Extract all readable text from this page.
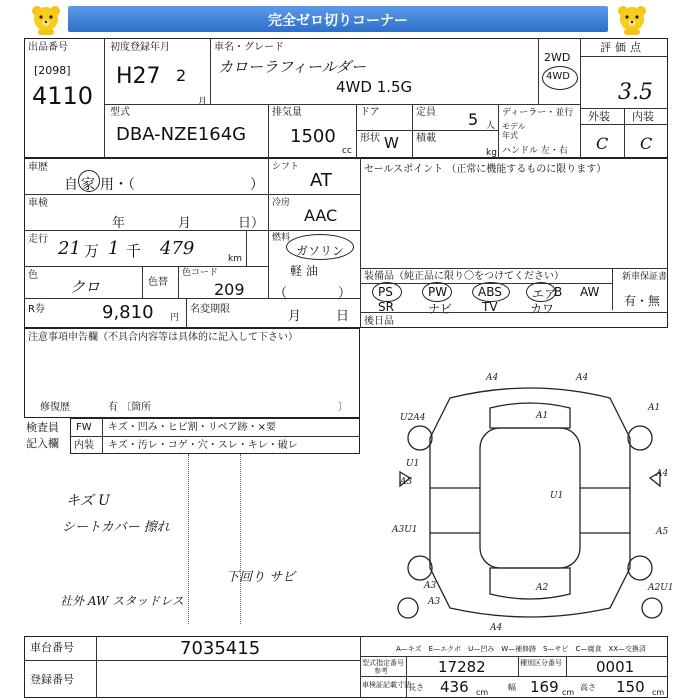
完全ゼロ切りコーナー
出品番号
[2098]
4110
初度登録年月
H27 2
月
車名・グレード
カローラフィールダー
4WD 1.5G
2WD
4WD
評価点
3.5
型式
DBA-NZE164G
排気量
1500
cc
ドア	定員 5 人
形状 W 積載
kg
ディーラー・並行
モデル年式
ハンドル 左・右
外装 内装
C C
車歴
自 家 用・（	）
シフト
AT
セールスポイント （正常に機能するものに限ります）
車検
年	月	日）
冷房
AAC
走行 21 万 1 千 479	km
燃料
ガソリン
軽 油
色
クロ	色替
色コード
209 （	）
装備品（純正品に限り〇をつけてください）	新車保証書
有・無
PS	PW	ABS	エア
B AW
SR	ナビ TV	カワ
後日品
R券	9,810 円
名変期限	月	日
注意事項申告欄（不具合内容等は具体的に記入して下さい）
修復歴	有 〔箇所	〕
検査員
記入欄
FW キズ・凹み・ヒビ割・リペア跡・×要
内装 キズ・汚レ・コゲ・穴・スレ・キレ・破レ
キズ U
シートカバー 擦れ
下回り サビ
社外 AW スタッドレス
A4	A4
U2A4	A1
A1
U1
A4
A3
U1
A3U1	A5
A3	A2	A2U1
A4
A3
A—キズ　E—エクボ　U—凹み　W—補修跡　S—サビ　C—腐食　XX—交換済
車台番号	7035415
登録番号
型式指定番号
参考	17282	種別区分番号 0001
車検証記載寸法
長さ 436 cm
幅 169 cm
高さ 150 cm
